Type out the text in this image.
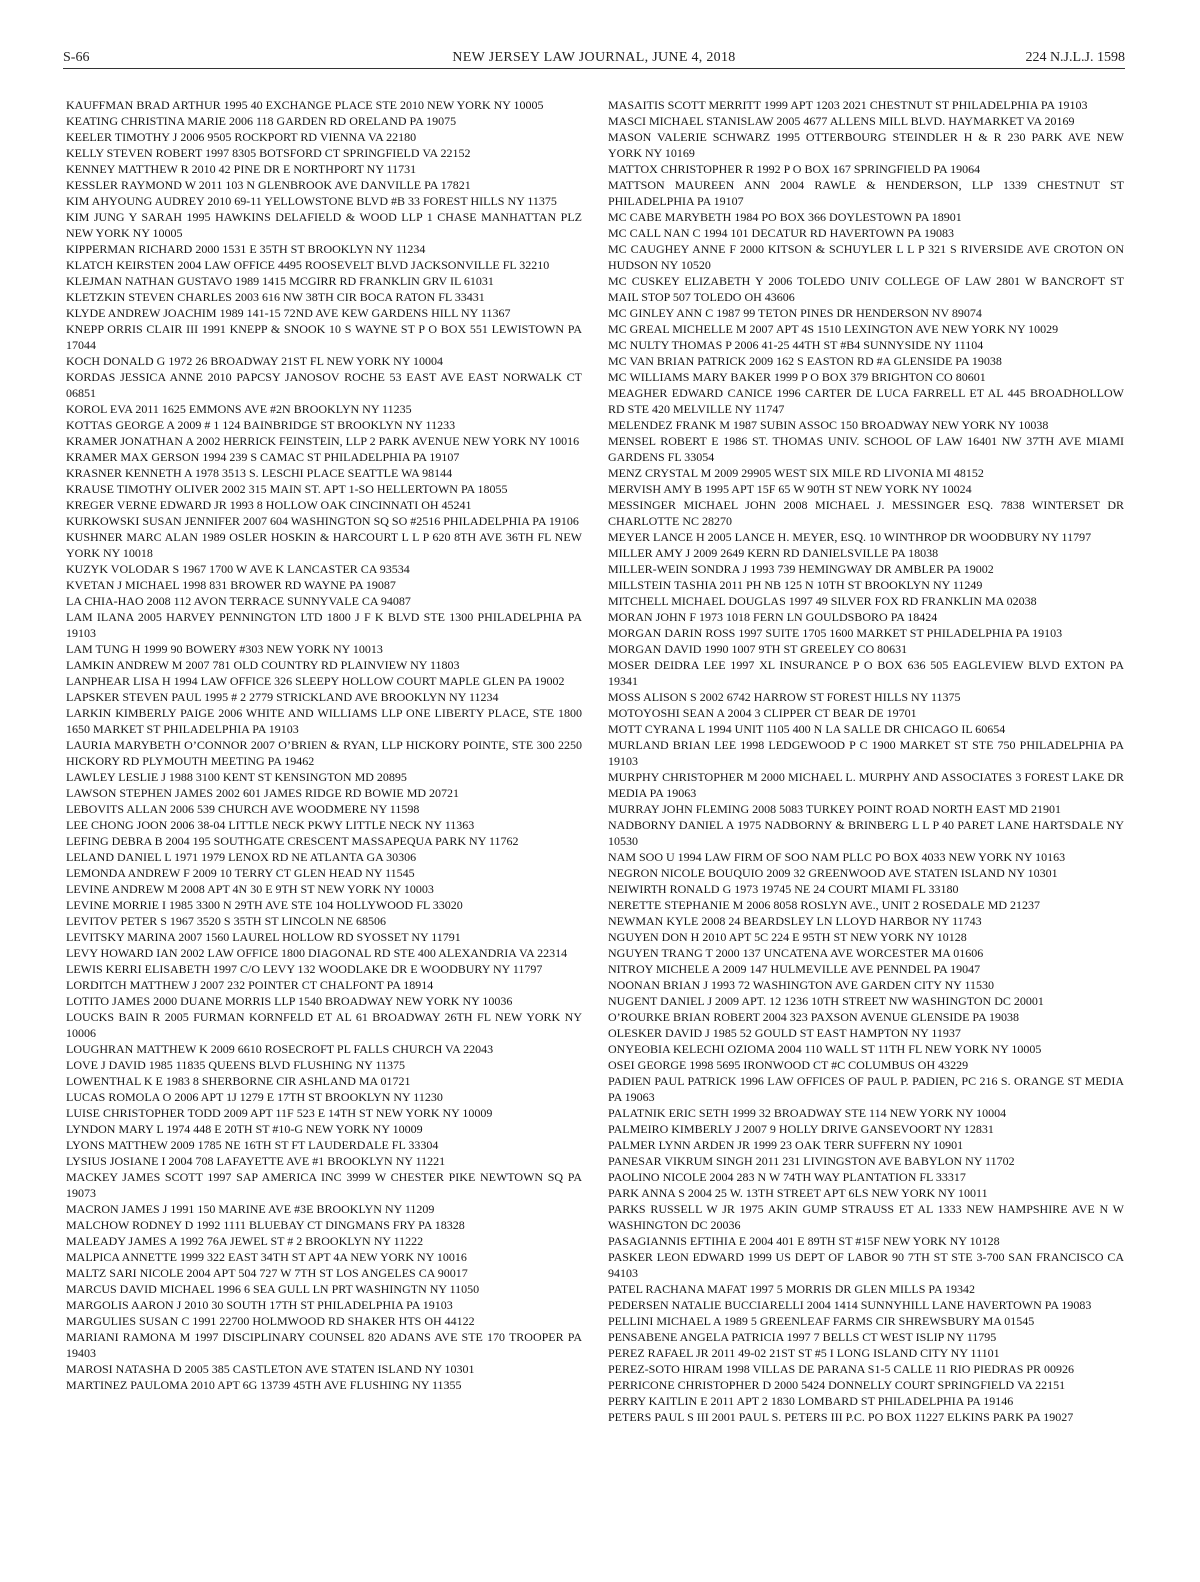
S-66	NEW JERSEY LAW JOURNAL, JUNE 4, 2018	224 N.J.L.J. 1598

KAUFFMAN BRAD ARTHUR 1995 40 EXCHANGE PLACE STE 2010 NEW YORK NY 10005

KEATING CHRISTINA MARIE 2006 118 GARDEN RD ORELAND PA 19075

KEELER TIMOTHY J 2006 9505 ROCKPORT RD VIENNA VA 22180

KELLY STEVEN ROBERT 1997 8305 BOTSFORD CT SPRINGFIELD VA 22152

KENNEY MATTHEW R 2010 42 PINE DR E NORTHPORT NY 11731

KESSLER RAYMOND W 2011 103 N GLENBROOK AVE DANVILLE PA 17821

KIM AHYOUNG AUDREY 2010 69-11 YELLOWSTONE BLVD #B 33 FOREST HILLS NY 11375

KIM JUNG Y SARAH 1995 HAWKINS DELAFIELD & WOOD LLP 1 CHASE MANHATTAN PLZ NEW YORK NY 10005

KIPPERMAN RICHARD 2000 1531 E 35TH ST BROOKLYN NY 11234

KLATCH KEIRSTEN 2004 LAW OFFICE 4495 ROOSEVELT BLVD JACKSONVILLE FL 32210

KLEJMAN NATHAN GUSTAVO 1989 1415 MCGIRR RD FRANKLIN GRV IL 61031

KLETZKIN STEVEN CHARLES 2003 616 NW 38TH CIR BOCA RATON FL 33431

KLYDE ANDREW JOACHIM 1989 141-15 72ND AVE KEW GARDENS HILL NY 11367

KNEPP ORRIS CLAIR III 1991 KNEPP & SNOOK 10 S WAYNE ST P O BOX 551 LEWISTOWN PA 17044

KOCH DONALD G 1972 26 BROADWAY 21ST FL NEW YORK NY 10004

KORDAS JESSICA ANNE 2010 PAPCSY JANOSOV ROCHE 53 EAST AVE EAST NORWALK CT 06851

KOROL EVA 2011 1625 EMMONS AVE #2N BROOKLYN NY 11235

KOTTAS GEORGE A 2009 # 1 124 BAINBRIDGE ST BROOKLYN NY 11233

KRAMER JONATHAN A 2002 HERRICK FEINSTEIN, LLP 2 PARK AVENUE NEW YORK NY 10016

KRAMER MAX GERSON 1994 239 S CAMAC ST PHILADELPHIA PA 19107

KRASNER KENNETH A 1978 3513 S. LESCHI PLACE SEATTLE WA 98144

KRAUSE TIMOTHY OLIVER 2002 315 MAIN ST. APT 1-SO HELLERTOWN PA 18055

KREGER VERNE EDWARD JR 1993 8 HOLLOW OAK CINCINNATI OH 45241

KURKOWSKI SUSAN JENNIFER 2007 604 WASHINGTON SQ SO #2516 PHILADELPHIA PA 19106

KUSHNER MARC ALAN 1989 OSLER HOSKIN & HARCOURT L L P 620 8TH AVE 36TH FL NEW YORK NY 10018

KUZYK VOLODAR S 1967 1700 W AVE K LANCASTER CA 93534

KVETAN J MICHAEL 1998 831 BROWER RD WAYNE PA 19087

LA CHIA-HAO 2008 112 AVON TERRACE SUNNYVALE CA 94087

LAM ILANA 2005 HARVEY PENNINGTON LTD 1800 J F K BLVD STE 1300 PHILADELPHIA PA 19103

LAM TUNG H 1999 90 BOWERY #303 NEW YORK NY 10013

LAMKIN ANDREW M 2007 781 OLD COUNTRY RD PLAINVIEW NY 11803

LANPHEAR LISA H 1994 LAW OFFICE 326 SLEEPY HOLLOW COURT MAPLE GLEN PA 19002

LAPSKER STEVEN PAUL 1995 # 2 2779 STRICKLAND AVE BROOKLYN NY 11234

LARKIN KIMBERLY PAIGE 2006 WHITE AND WILLIAMS LLP ONE LIBERTY PLACE, STE 1800 1650 MARKET ST PHILADELPHIA PA 19103

LAURIA MARYBETH O’CONNOR 2007 O’BRIEN & RYAN, LLP HICKORY POINTE, STE 300 2250 HICKORY RD PLYMOUTH MEETING PA 19462

LAWLEY LESLIE J 1988 3100 KENT ST KENSINGTON MD 20895

LAWSON STEPHEN JAMES 2002 601 JAMES RIDGE RD BOWIE MD 20721

LEBOVITS ALLAN 2006 539 CHURCH AVE WOODMERE NY 11598

LEE CHONG JOON 2006 38-04 LITTLE NECK PKWY LITTLE NECK NY 11363

LEFING DEBRA B 2004 195 SOUTHGATE CRESCENT MASSAPEQUA PARK NY 11762

LELAND DANIEL L 1971 1979 LENOX RD NE ATLANTA GA 30306

LEMONDA ANDREW F 2009 10 TERRY CT GLEN HEAD NY 11545

LEVINE ANDREW M 2008 APT 4N 30 E 9TH ST NEW YORK NY 10003

LEVINE MORRIE I 1985 3300 N 29TH AVE STE 104 HOLLYWOOD FL 33020

LEVITOV PETER S 1967 3520 S 35TH ST LINCOLN NE 68506

LEVITSKY MARINA 2007 1560 LAUREL HOLLOW RD SYOSSET NY 11791

LEVY HOWARD IAN 2002 LAW OFFICE 1800 DIAGONAL RD STE 400 ALEXANDRIA VA 22314

LEWIS KERRI ELISABETH 1997 C/O LEVY 132 WOODLAKE DR E WOODBURY NY 11797

LORDITCH MATTHEW J 2007 232 POINTER CT CHALFONT PA 18914

LOTITO JAMES 2000 DUANE MORRIS LLP 1540 BROADWAY NEW YORK NY 10036

LOUCKS BAIN R 2005 FURMAN KORNFELD ET AL 61 BROADWAY 26TH FL NEW YORK NY 10006

LOUGHRAN MATTHEW K 2009 6610 ROSECROFT PL FALLS CHURCH VA 22043

LOVE J DAVID 1985 11835 QUEENS BLVD FLUSHING NY 11375

LOWENTHAL K E 1983 8 SHERBORNE CIR ASHLAND MA 01721

LUCAS ROMOLA O 2006 APT 1J 1279 E 17TH ST BROOKLYN NY 11230

LUISE CHRISTOPHER TODD 2009 APT 11F 523 E 14TH ST NEW YORK NY 10009

LYNDON MARY L 1974 448 E 20TH ST #10-G NEW YORK NY 10009

LYONS MATTHEW 2009 1785 NE 16TH ST FT LAUDERDALE FL 33304

LYSIUS JOSIANE I 2004 708 LAFAYETTE AVE #1 BROOKLYN NY 11221

MACKEY JAMES SCOTT 1997 SAP AMERICA INC 3999 W CHESTER PIKE NEWTOWN SQ PA 19073

MACRON JAMES J 1991 150 MARINE AVE #3E BROOKLYN NY 11209

MALCHOW RODNEY D 1992 1111 BLUEBAY CT DINGMANS FRY PA 18328

MALEADY JAMES A 1992 76A JEWEL ST # 2 BROOKLYN NY 11222

MALPICA ANNETTE 1999 322 EAST 34TH ST APT 4A NEW YORK NY 10016

MALTZ SARI NICOLE 2004 APT 504 727 W 7TH ST LOS ANGELES CA 90017

MARCUS DAVID MICHAEL 1996 6 SEA GULL LN PRT WASHINGTN NY 11050

MARGOLIS AARON J 2010 30 SOUTH 17TH ST PHILADELPHIA PA 19103

MARGULIES SUSAN C 1991 22700 HOLMWOOD RD SHAKER HTS OH 44122

MARIANI RAMONA M 1997 DISCIPLINARY COUNSEL 820 ADANS AVE STE 170 TROOPER PA 19403

MAROSI NATASHA D 2005 385 CASTLETON AVE STATEN ISLAND NY 10301

MARTINEZ PAULOMA 2010 APT 6G 13739 45TH AVE FLUSHING NY 11355

MASAITIS SCOTT MERRITT 1999 APT 1203 2021 CHESTNUT ST PHILADELPHIA PA 19103

MASCI MICHAEL STANISLAW 2005 4677 ALLENS MILL BLVD. HAYMARKET VA 20169

MASON VALERIE SCHWARZ 1995 OTTERBOURG STEINDLER H & R 230 PARK AVE NEW YORK NY 10169

MATTOX CHRISTOPHER R 1992 P O BOX 167 SPRINGFIELD PA 19064

MATTSON MAUREEN ANN 2004 RAWLE & HENDERSON, LLP 1339 CHESTNUT ST PHILADELPHIA PA 19107

MC CABE MARYBETH 1984 PO BOX 366 DOYLESTOWN PA 18901

MC CALL NAN C 1994 101 DECATUR RD HAVERTOWN PA 19083

MC CAUGHEY ANNE F 2000 KITSON & SCHUYLER L L P 321 S RIVERSIDE AVE CROTON ON HUDSON NY 10520

MC CUSKEY ELIZABETH Y 2006 TOLEDO UNIV COLLEGE OF LAW 2801 W BANCROFT ST MAIL STOP 507 TOLEDO OH 43606

MC GINLEY ANN C 1987 99 TETON PINES DR HENDERSON NV 89074

MC GREAL MICHELLE M 2007 APT 4S 1510 LEXINGTON AVE NEW YORK NY 10029

MC NULTY THOMAS P 2006 41-25 44TH ST #B4 SUNNYSIDE NY 11104

MC VAN BRIAN PATRICK 2009 162 S EASTON RD #A GLENSIDE PA 19038

MC WILLIAMS MARY BAKER 1999 P O BOX 379 BRIGHTON CO 80601

MEAGHER EDWARD CANICE 1996 CARTER DE LUCA FARRELL ET AL 445 BROADHOLLOW RD STE 420 MELVILLE NY 11747

MELENDEZ FRANK M 1987 SUBIN ASSOC 150 BROADWAY NEW YORK NY 10038

MENSEL ROBERT E 1986 ST. THOMAS UNIV. SCHOOL OF LAW 16401 NW 37TH AVE MIAMI GARDENS FL 33054

MENZ CRYSTAL M 2009 29905 WEST SIX MILE RD LIVONIA MI 48152

MERVISH AMY B 1995 APT 15F 65 W 90TH ST NEW YORK NY 10024

MESSINGER MICHAEL JOHN 2008 MICHAEL J. MESSINGER ESQ. 7838 WINTERSET DR CHARLOTTE NC 28270

MEYER LANCE H 2005 LANCE H. MEYER, ESQ. 10 WINTHROP DR WOODBURY NY 11797

MILLER AMY J 2009 2649 KERN RD DANIELSVILLE PA 18038

MILLER-WEIN SONDRA J 1993 739 HEMINGWAY DR AMBLER PA 19002

MILLSTEIN TASHIA 2011 PH NB 125 N 10TH ST BROOKLYN NY 11249

MITCHELL MICHAEL DOUGLAS 1997 49 SILVER FOX RD FRANKLIN MA 02038

MORAN JOHN F 1973 1018 FERN LN GOULDSBORO PA 18424

MORGAN DARIN ROSS 1997 SUITE 1705 1600 MARKET ST PHILADELPHIA PA 19103

MORGAN DAVID 1990 1007 9TH ST GREELEY CO 80631

MOSER DEIDRA LEE 1997 XL INSURANCE P O BOX 636 505 EAGLEVIEW BLVD EXTON PA 19341

MOSS ALISON S 2002 6742 HARROW ST FOREST HILLS NY 11375

MOTOYOSHI SEAN A 2004 3 CLIPPER CT BEAR DE 19701

MOTT CYRANA L 1994 UNIT 1105 400 N LA SALLE DR CHICAGO IL 60654

MURLAND BRIAN LEE 1998 LEDGEWOOD P C 1900 MARKET ST STE 750 PHILADELPHIA PA 19103

MURPHY CHRISTOPHER M 2000 MICHAEL L. MURPHY AND ASSOCIATES 3 FOREST LAKE DR MEDIA PA 19063

MURRAY JOHN FLEMING 2008 5083 TURKEY POINT ROAD NORTH EAST MD 21901

NADBORNY DANIEL A 1975 NADBORNY & BRINBERG L L P 40 PARET LANE HARTSDALE NY 10530

NAM SOO U 1994 LAW FIRM OF SOO NAM PLLC PO BOX 4033 NEW YORK NY 10163

NEGRON NICOLE BOUQUIO 2009 32 GREENWOOD AVE STATEN ISLAND NY 10301

NEIWIRTH RONALD G 1973 19745 NE 24 COURT MIAMI FL 33180

NERETTE STEPHANIE M 2006 8058 ROSLYN AVE., UNIT 2 ROSEDALE MD 21237

NEWMAN KYLE 2008 24 BEARDSLEY LN LLOYD HARBOR NY 11743

NGUYEN DON H 2010 APT 5C 224 E 95TH ST NEW YORK NY 10128

NGUYEN TRANG T 2000 137 UNCATENA AVE WORCESTER MA 01606

NITROY MICHELE A 2009 147 HULMEVILLE AVE PENNDEL PA 19047

NOONAN BRIAN J 1993 72 WASHINGTON AVE GARDEN CITY NY 11530

NUGENT DANIEL J 2009 APT. 12 1236 10TH STREET NW WASHINGTON DC 20001

O’ROURKE BRIAN ROBERT 2004 323 PAXSON AVENUE GLENSIDE PA 19038

OLESKER DAVID J 1985 52 GOULD ST EAST HAMPTON NY 11937

ONYEOBIA KELECHI OZIOMA 2004 110 WALL ST 11TH FL NEW YORK NY 10005

OSEI GEORGE 1998 5695 IRONWOOD CT #C COLUMBUS OH 43229

PADIEN PAUL PATRICK 1996 LAW OFFICES OF PAUL P. PADIEN, PC 216 S. ORANGE ST MEDIA PA 19063

PALATNIK ERIC SETH 1999 32 BROADWAY STE 114 NEW YORK NY 10004

PALMEIRO KIMBERLY J 2007 9 HOLLY DRIVE GANSEVOORT NY 12831

PALMER LYNN ARDEN JR 1999 23 OAK TERR SUFFERN NY 10901

PANESAR VIKRUM SINGH 2011 231 LIVINGSTON AVE BABYLON NY 11702

PAOLINO NICOLE 2004 283 N W 74TH WAY PLANTATION FL 33317

PARK ANNA S 2004 25 W. 13TH STREET APT 6LS NEW YORK NY 10011

PARKS RUSSELL W JR 1975 AKIN GUMP STRAUSS ET AL 1333 NEW HAMPSHIRE AVE N W WASHINGTON DC 20036

PASAGIANNIS EFTIHIA E 2004 401 E 89TH ST #15F NEW YORK NY 10128

PASKER LEON EDWARD 1999 US DEPT OF LABOR 90 7TH ST STE 3-700 SAN FRANCISCO CA 94103

PATEL RACHANA MAFAT 1997 5 MORRIS DR GLEN MILLS PA 19342

PEDERSEN NATALIE BUCCIARELLI 2004 1414 SUNNYHILL LANE HAVERTOWN PA 19083

PELLINI MICHAEL A 1989 5 GREENLEAF FARMS CIR SHREWSBURY MA 01545

PENSABENE ANGELA PATRICIA 1997 7 BELLS CT WEST ISLIP NY 11795

PEREZ RAFAEL JR 2011 49-02 21ST ST #5 I LONG ISLAND CITY NY 11101

PEREZ-SOTO HIRAM 1998 VILLAS DE PARANA S1-5 CALLE 11 RIO PIEDRAS PR 00926

PERRICONE CHRISTOPHER D 2000 5424 DONNELLY COURT SPRINGFIELD VA 22151

PERRY KAITLIN E 2011 APT 2 1830 LOMBARD ST PHILADELPHIA PA 19146

PETERS PAUL S III 2001 PAUL S. PETERS III P.C. PO BOX 11227 ELKINS PARK PA 19027
